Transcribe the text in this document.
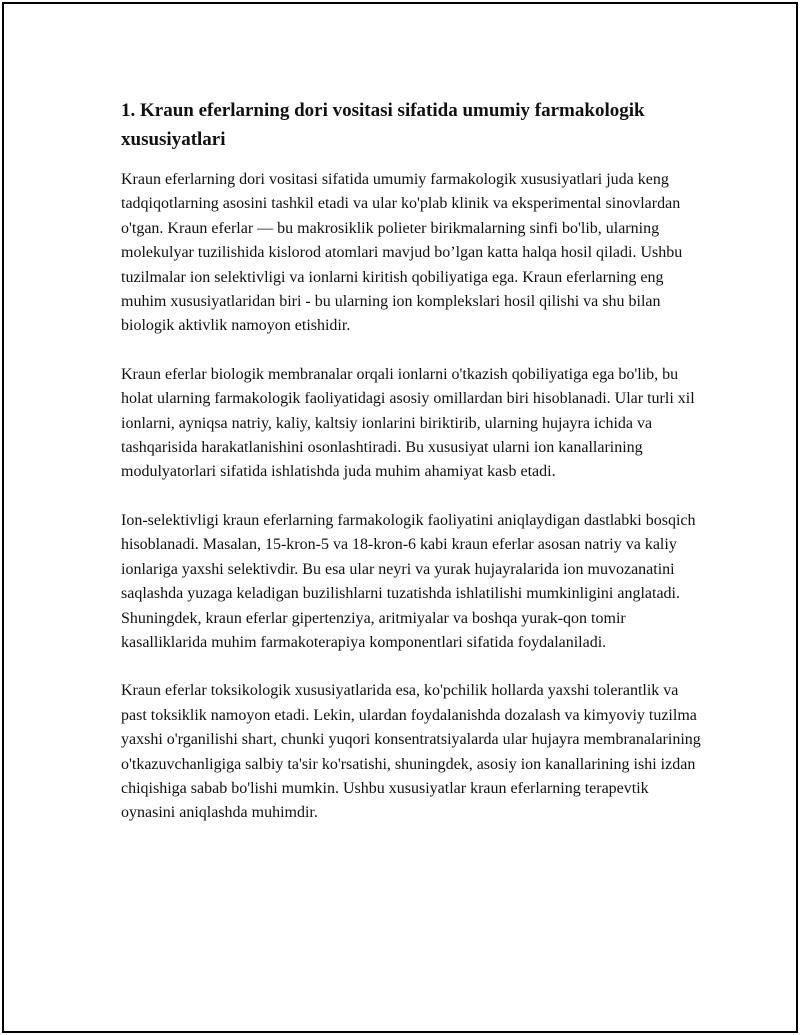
1. Kraun eferlarning dori vositasi sifatida umumiy farmakologik xususiyatlari

Kraun eferlarning dori vositasi sifatida umumiy farmakologik xususiyatlari juda keng tadqiqotlarning asosini tashkil etadi va ular ko'plab klinik va eksperimental sinovlardan o'tgan. Kraun eferlar — bu makrosiklik polieter birikmalarning sinfi bo'lib, ularning molekulyar tuzilishida kislorod atomlari mavjud bo’lgan katta halqa hosil qiladi. Ushbu tuzilmalar ion selektivligi va ionlarni kiritish qobiliyatiga ega. Kraun eferlarning eng muhim xususiyatlaridan biri - bu ularning ion komplekslari hosil qilishi va shu bilan biologik aktivlik namoyon etishidir.

Kraun eferlar biologik membranalar orqali ionlarni o'tkazish qobiliyatiga ega bo'lib, bu holat ularning farmakologik faoliyatidagi asosiy omillardan biri hisoblanadi. Ular turli xil ionlarni, ayniqsa natriy, kaliy, kaltsiy ionlarini biriktirib, ularning hujayra ichida va tashqarisida harakatlanishini osonlashtiradi. Bu xususiyat ularni ion kanallarining modulyatorlari sifatida ishlatishda juda muhim ahamiyat kasb etadi.

Ion-selektivligi kraun eferlarning farmakologik faoliyatini aniqlaydigan dastlabki bosqich hisoblanadi. Masalan, 15-kron-5 va 18-kron-6 kabi kraun eferlar asosan natriy va kaliy ionlariga yaxshi selektivdir. Bu esa ular neyri va yurak hujayralarida ion muvozanatini saqlashda yuzaga keladigan buzilishlarni tuzatishda ishlatilishi mumkinligini anglatadi. Shuningdek, kraun eferlar gipertenziya, aritmiyalar va boshqa yurak-qon tomir kasalliklarida muhim farmakoterapiya komponentlari sifatida foydalaniladi.

Kraun eferlar toksikologik xususiyatlarida esa, ko'pchilik hollarda yaxshi tolerantlik va past toksiklik namoyon etadi. Lekin, ulardan foydalanishda dozalash va kimyoviy tuzilma yaxshi o'rganilishi shart, chunki yuqori konsentratsiyalarda ular hujayra membranalarining o'tkazuvchanligiga salbiy ta'sir ko'rsatishi, shuningdek, asosiy ion kanallarining ishi izdan chiqishiga sabab bo'lishi mumkin. Ushbu xususiyatlar kraun eferlarning terapevtik oynasini aniqlashda muhimdir.
